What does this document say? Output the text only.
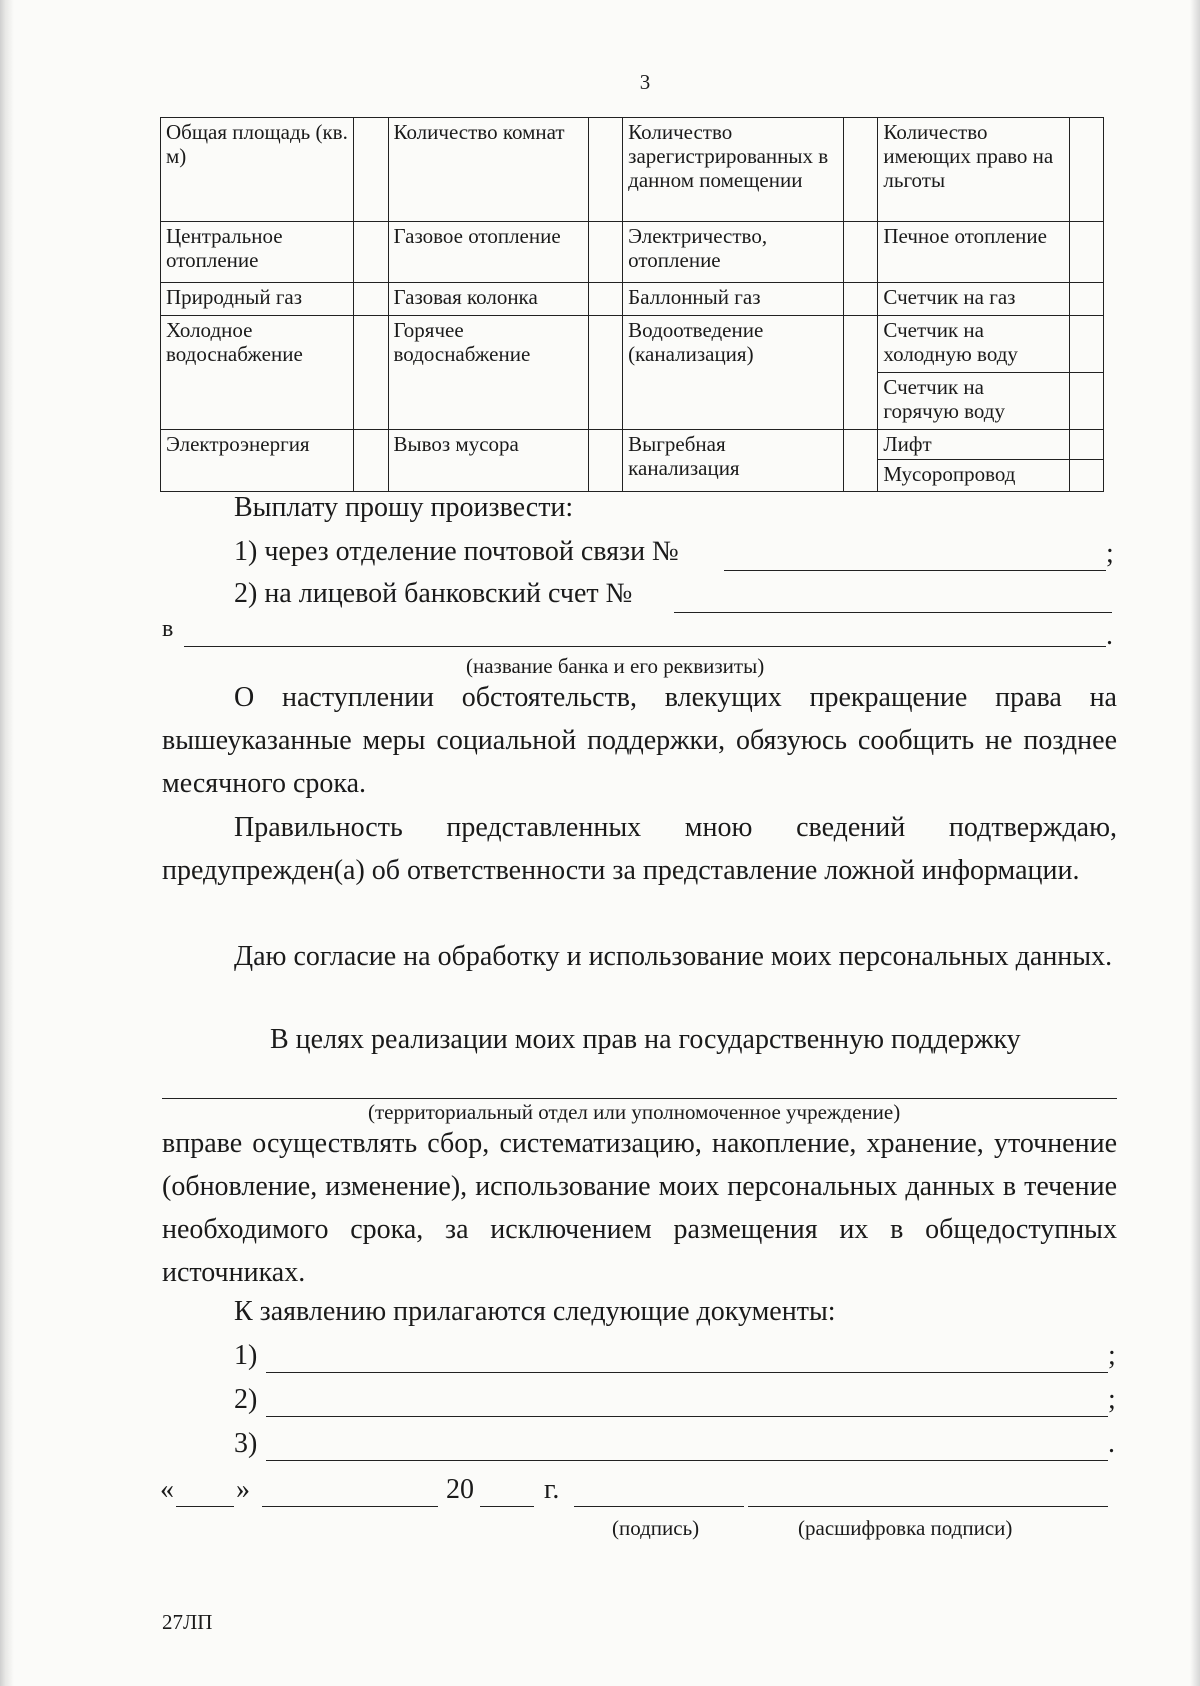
3
Общая площадь (кв. м)		Количество комнат		Количество зарегистрированных в данном помещении		Количество имеющих право на льготы	
Центральное отопление		Газовое отопление		Электричество, отопление		Печное отопление	
Природный газ		Газовая колонка		Баллонный газ		Счетчик на газ	
Холодное водоснабжение		Горячее водоснабжение		Водоотведение (канализация)		Счетчик на холодную воду	
						Счетчик на горячую воду	
Электроэнергия		Вывоз мусора		Выгребная канализация		Лифт	
						Мусоропровод	
Выплату прошу произвести:
1) через отделение почтовой связи №	;
2) на лицевой банковский счет №
в	.
(название банка и его реквизиты)
О наступлении обстоятельств, влекущих прекращение права на вышеуказанные меры социальной поддержки, обязуюсь сообщить не позднее месячного срока.
Правильность представленных мною сведений подтверждаю, предупрежден(а) об ответственности за представление ложной информации.
Даю согласие на обработку и использование моих персональных данных.
В целях реализации моих прав на государственную поддержку
(территориальный отдел или уполномоченное учреждение)
вправе осуществлять сбор, систематизацию, накопление, хранение, уточнение (обновление, изменение), использование моих персональных данных в течение необходимого срока, за исключением размещения их в общедоступных источниках.
К заявлению прилагаются следующие документы:
1)	;
2)	;
3)	.
« »	20	г.
(подпись)	(расшифровка подписи)
27ЛП
